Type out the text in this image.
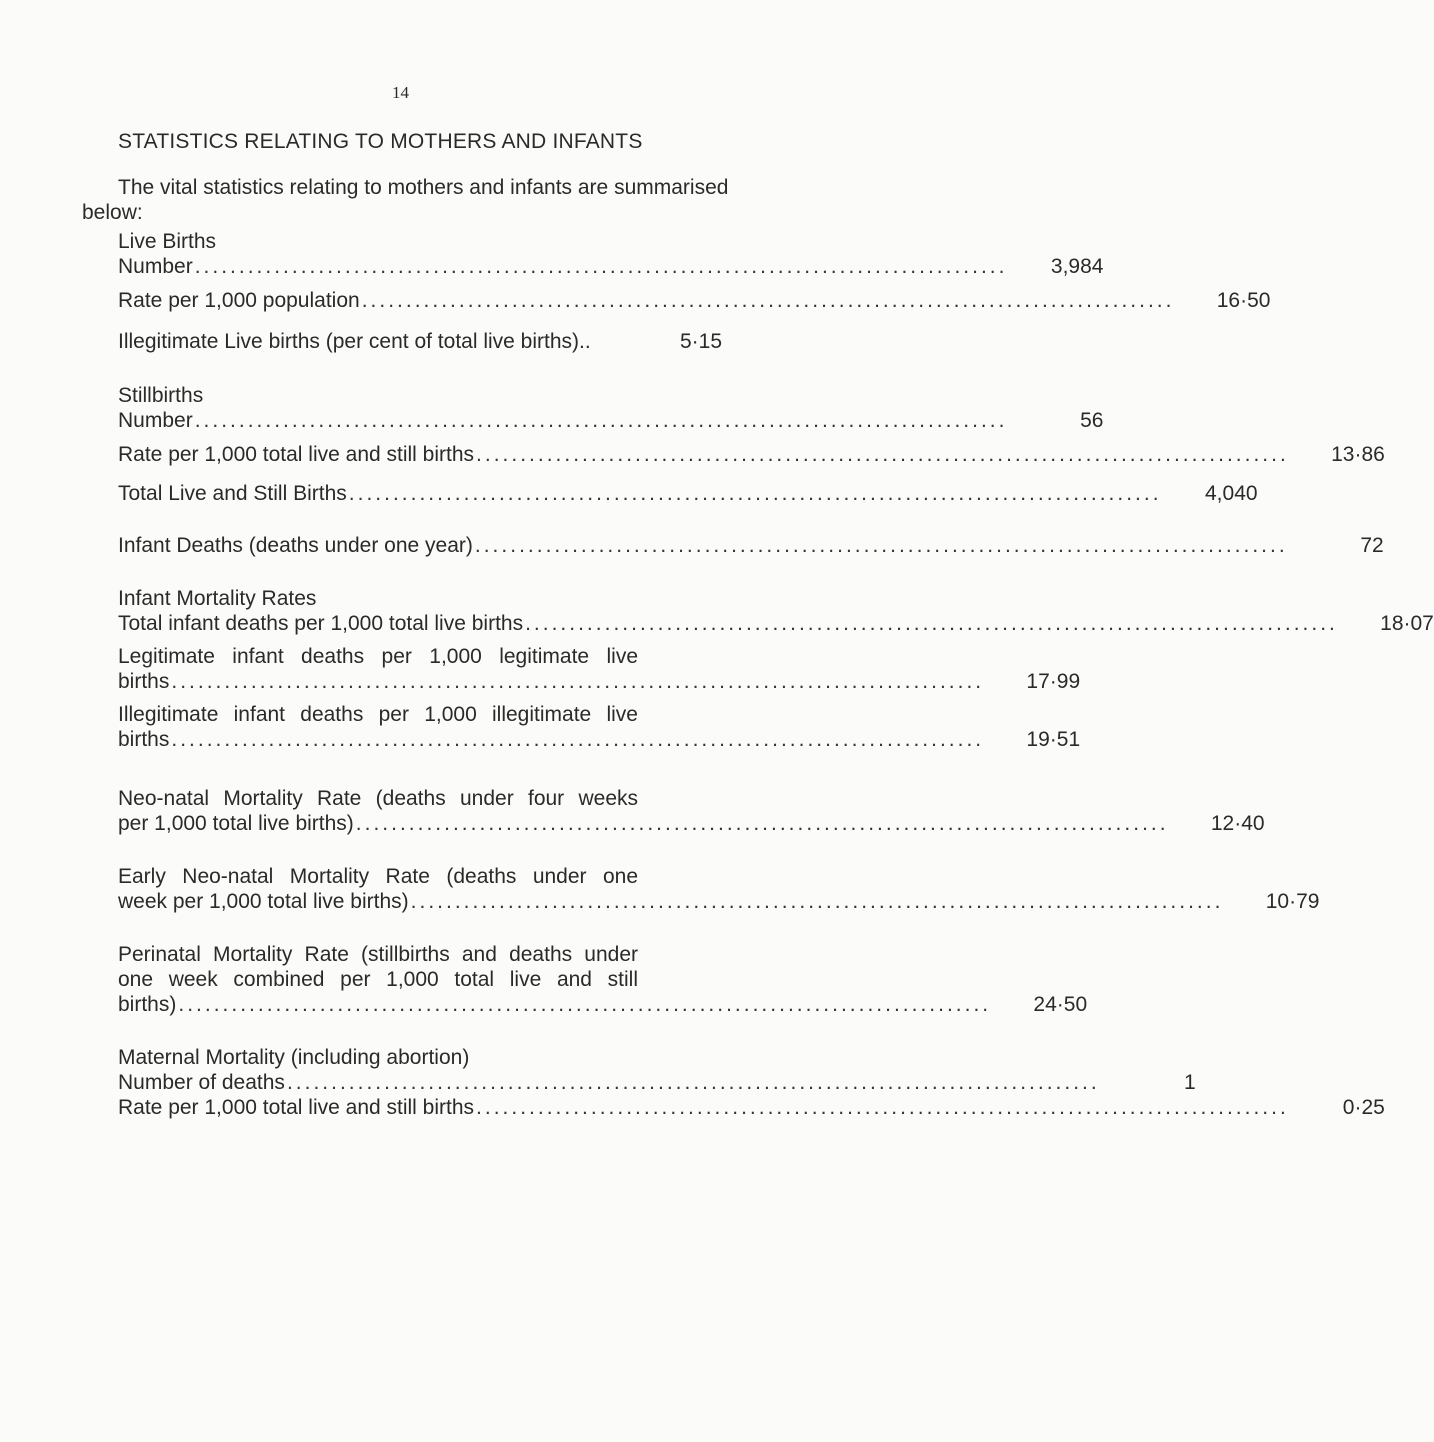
14
STATISTICS RELATING TO MOTHERS AND INFANTS
The vital statistics relating to mothers and infants are summarised below:
Live Births
Number ............................................................................................	3,984
Rate per 1,000 population ............................................................................................	16·50
Illegitimate Live births (per cent of total live births)..	5·15
Stillbirths
Number ............................................................................................	56
Rate per 1,000 total live and still births ............................................................................................	13·86
Total Live and Still Births ............................................................................................	4,040
Infant Deaths (deaths under one year) ............................................................................................	72
Infant Mortality Rates
Total infant deaths per 1,000 total live births ............................................................................................	18·07
Legitimate infant deaths per 1,000 legitimate live
births ............................................................................................	17·99
Illegitimate infant deaths per 1,000 illegitimate live
births ............................................................................................	19·51
Neo-natal Mortality Rate (deaths under four weeks
per 1,000 total live births) ............................................................................................	12·40
Early Neo-natal Mortality Rate (deaths under one
week per 1,000 total live births) ............................................................................................	10·79
Perinatal Mortality Rate (stillbirths and deaths under
one week combined per 1,000 total live and still
births) ............................................................................................	24·50
Maternal Mortality (including abortion)
Number of deaths ............................................................................................	1
Rate per 1,000 total live and still births ............................................................................................	0·25
